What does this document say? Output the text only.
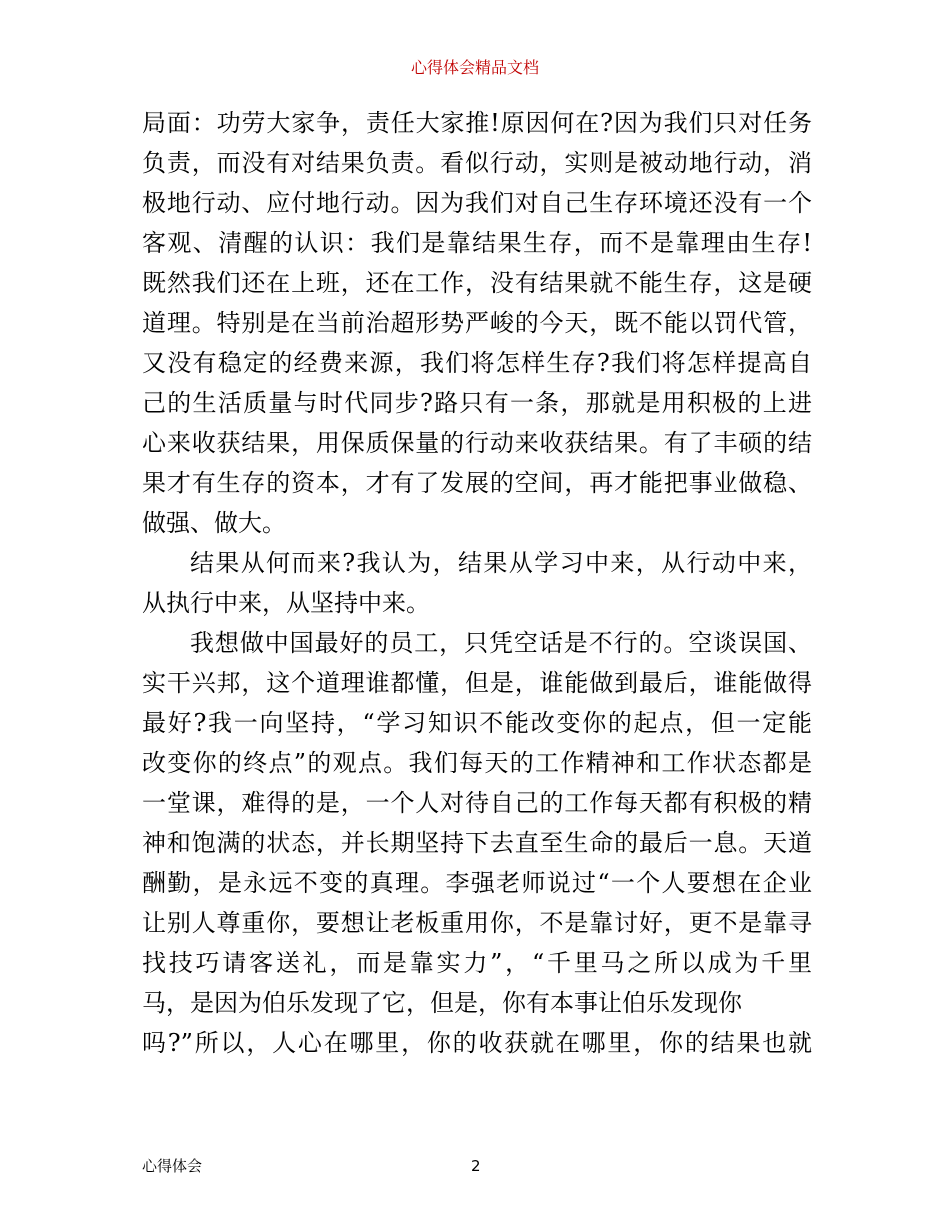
心得体会精品文档
局面：功劳大家争，责任大家推!原因何在?因为我们只对任务
负责，而没有对结果负责。看似行动，实则是被动地行动，消
极地行动、应付地行动。因为我们对自己生存环境还没有一个
客观、清醒的认识：我们是靠结果生存，而不是靠理由生存!
既然我们还在上班，还在工作，没有结果就不能生存，这是硬
道理。特别是在当前治超形势严峻的今天，既不能以罚代管，
又没有稳定的经费来源，我们将怎样生存?我们将怎样提高自
己的生活质量与时代同步?路只有一条，那就是用积极的上进
心来收获结果，用保质保量的行动来收获结果。有了丰硕的结
果才有生存的资本，才有了发展的空间，再才能把事业做稳、
做强、做大。
结果从何而来?我认为，结果从学习中来，从行动中来，
从执行中来，从坚持中来。
我想做中国最好的员工，只凭空话是不行的。空谈误国、
实干兴邦，这个道理谁都懂，但是，谁能做到最后，谁能做得
最好?我一向坚持，“学习知识不能改变你的起点，但一定能
改变你的终点”的观点。我们每天的工作精神和工作状态都是
一堂课，难得的是，一个人对待自己的工作每天都有积极的精
神和饱满的状态，并长期坚持下去直至生命的最后一息。天道
酬勤，是永远不变的真理。李强老师说过“一个人要想在企业
让别人尊重你，要想让老板重用你，不是靠讨好，更不是靠寻
找技巧请客送礼，而是靠实力”，“千里马之所以成为千里
马，是因为伯乐发现了它，但是，你有本事让伯乐发现你
吗?”所以，人心在哪里，你的收获就在哪里，你的结果也就
心得体会	2
